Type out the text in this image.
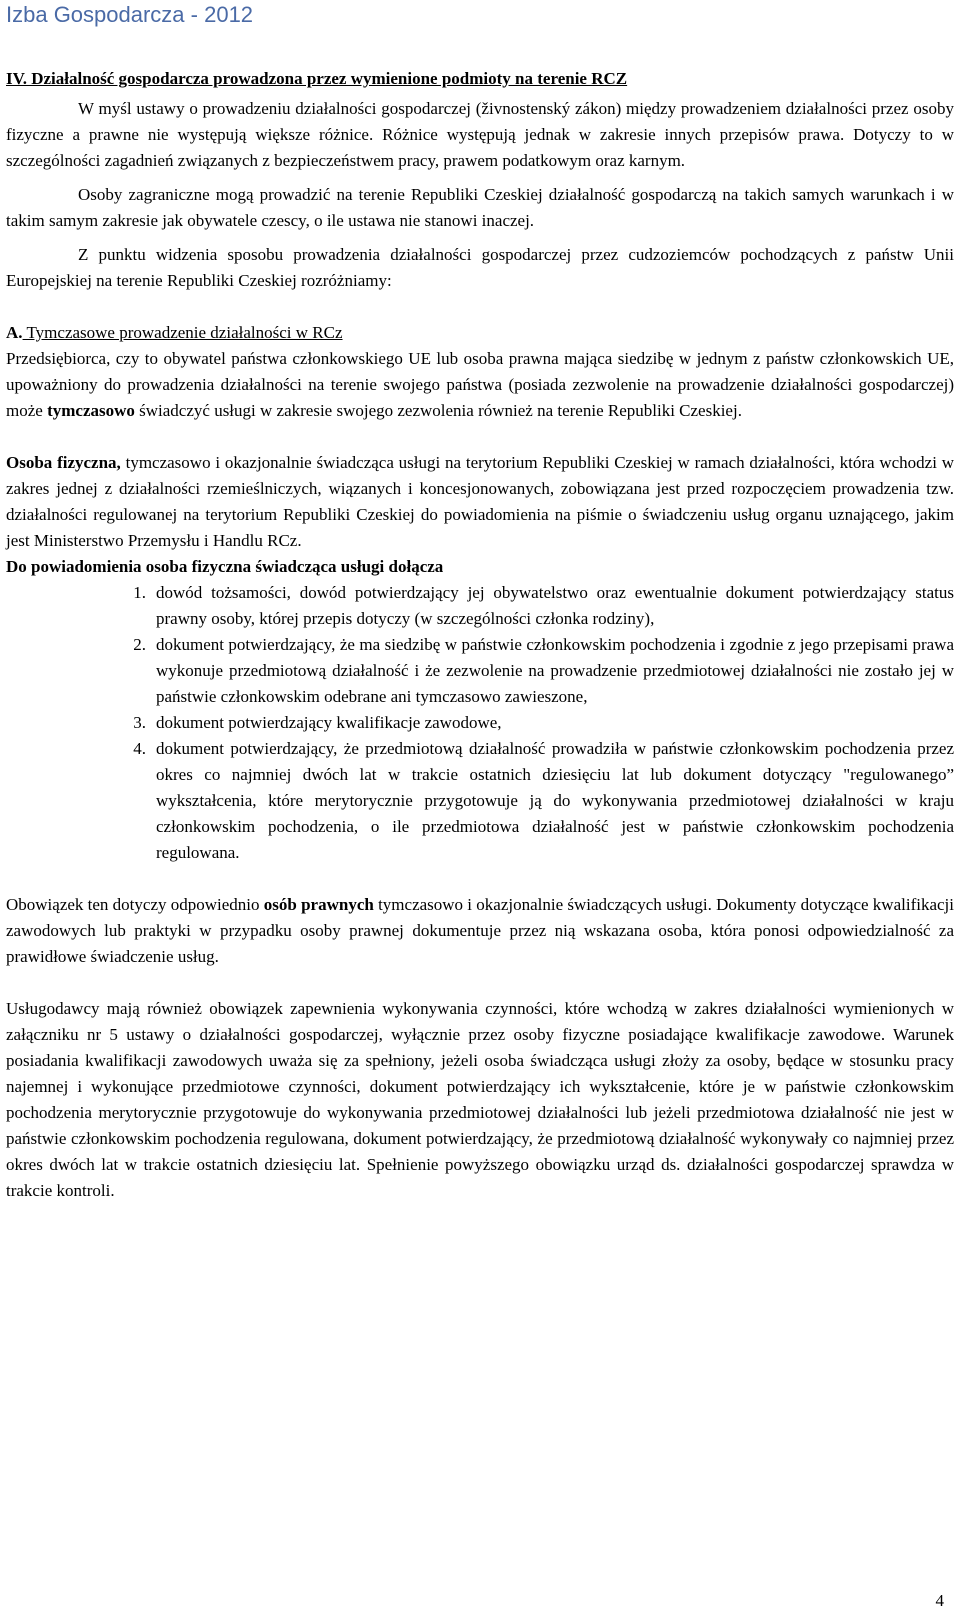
Izba Gospodarcza - 2012

IV. Działalność gospodarcza prowadzona przez wymienione podmioty na terenie RCZ

W myśl ustawy o prowadzeniu działalności gospodarczej (živnostenský zákon) między prowadzeniem działalności przez osoby fizyczne a prawne nie występują większe różnice. Różnice występują jednak w zakresie innych przepisów prawa. Dotyczy to w szczególności zagadnień związanych z bezpieczeństwem pracy, prawem podatkowym oraz karnym.

Osoby zagraniczne mogą prowadzić na terenie Republiki Czeskiej działalność gospodarczą na takich samych warunkach i w takim samym zakresie jak obywatele czescy, o ile ustawa nie stanowi inaczej.

Z punktu widzenia sposobu prowadzenia działalności gospodarczej przez cudzoziemców pochodzących z państw Unii Europejskiej na terenie Republiki Czeskiej rozróżniamy:

A. Tymczasowe prowadzenie działalności w RCz

Przedsiębiorca, czy to obywatel państwa członkowskiego UE lub osoba prawna mająca siedzibę w jednym z państw członkowskich UE, upoważniony do prowadzenia działalności na terenie swojego państwa (posiada zezwolenie na prowadzenie działalności gospodarczej) może tymczasowo świadczyć usługi w zakresie swojego zezwolenia również na terenie Republiki Czeskiej.

Osoba fizyczna, tymczasowo i okazjonalnie świadcząca usługi na terytorium Republiki Czeskiej w ramach działalności, która wchodzi w zakres jednej z działalności rzemieślniczych, wiązanych i koncesjonowanych, zobowiązana jest przed rozpoczęciem prowadzenia tzw. działalności regulowanej na terytorium Republiki Czeskiej do powiadomienia na piśmie o świadczeniu usług organu uznającego, jakim jest Ministerstwo Przemysłu i Handlu RCz.

Do powiadomienia osoba fizyczna świadcząca usługi dołącza

1. dowód tożsamości, dowód potwierdzający jej obywatelstwo oraz ewentualnie dokument potwierdzający status prawny osoby, której przepis dotyczy (w szczególności członka rodziny),
2. dokument potwierdzający, że ma siedzibę w państwie członkowskim pochodzenia i zgodnie z jego przepisami prawa wykonuje przedmiotową działalność i że zezwolenie na prowadzenie przedmiotowej działalności nie zostało jej w państwie członkowskim odebrane ani tymczasowo zawieszone,
3. dokument potwierdzający kwalifikacje zawodowe,
4. dokument potwierdzający, że przedmiotową działalność prowadziła w państwie członkowskim pochodzenia przez okres co najmniej dwóch lat w trakcie ostatnich dziesięciu lat lub dokument dotyczący "regulowanego” wykształcenia, które merytorycznie przygotowuje ją do wykonywania przedmiotowej działalności w kraju członkowskim pochodzenia, o ile przedmiotowa działalność jest w państwie członkowskim pochodzenia regulowana.

Obowiązek ten dotyczy odpowiednio osób prawnych tymczasowo i okazjonalnie świadczących usługi. Dokumenty dotyczące kwalifikacji zawodowych lub praktyki w przypadku osoby prawnej dokumentuje przez nią wskazana osoba, która ponosi odpowiedzialność za prawidłowe świadczenie usług.

Usługodawcy mają również obowiązek zapewnienia wykonywania czynności, które wchodzą w zakres działalności wymienionych w załączniku nr 5 ustawy o działalności gospodarczej, wyłącznie przez osoby fizyczne posiadające kwalifikacje zawodowe. Warunek posiadania kwalifikacji zawodowych uważa się za spełniony, jeżeli osoba świadcząca usługi złoży za osoby, będące w stosunku pracy najemnej i wykonujące przedmiotowe czynności, dokument potwierdzający ich wykształcenie, które je w państwie członkowskim pochodzenia merytorycznie przygotowuje do wykonywania przedmiotowej działalności lub jeżeli przedmiotowa działalność nie jest w państwie członkowskim pochodzenia regulowana, dokument potwierdzający, że przedmiotową działalność wykonywały co najmniej przez okres dwóch lat w trakcie ostatnich dziesięciu lat. Spełnienie powyższego obowiązku urząd ds. działalności gospodarczej sprawdza w trakcie kontroli.

4
